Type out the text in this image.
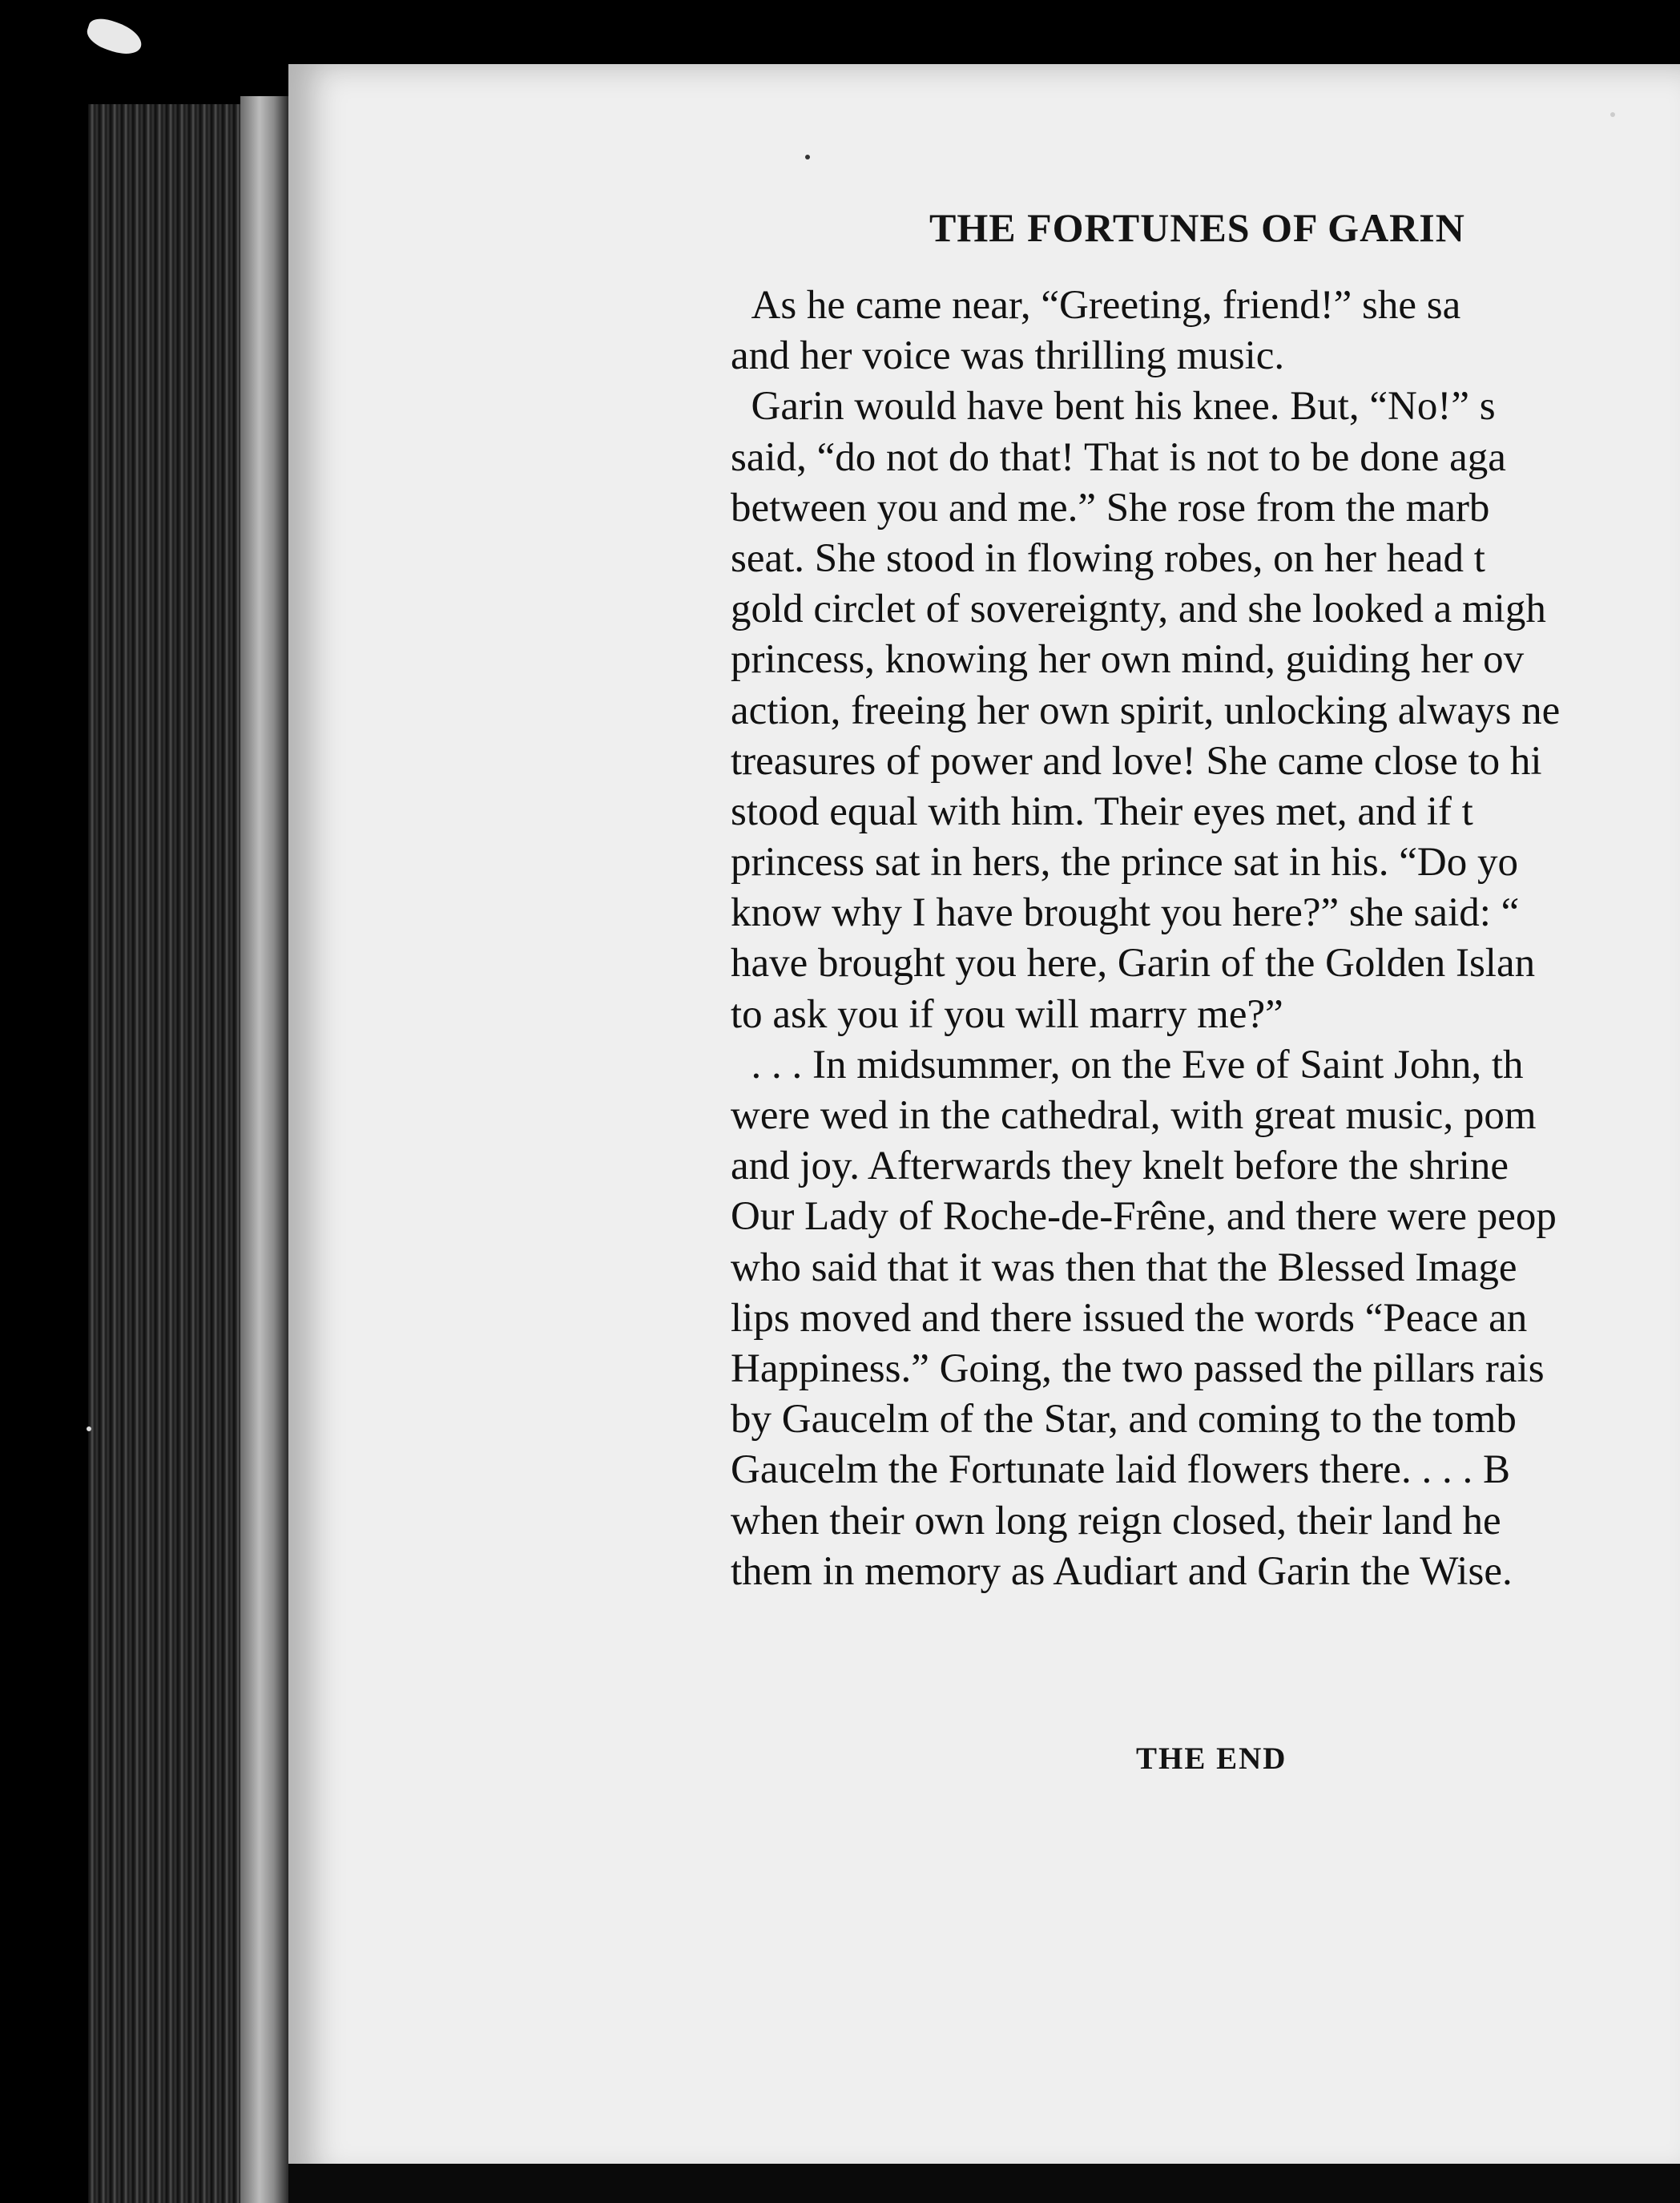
THE FORTUNES OF GARIN
As he came near, “Greeting, friend!” she sa
and her voice was thrilling music.
Garin would have bent his knee. But, “No!” s
said, “do not do that! That is not to be done aga
between you and me.” She rose from the marb
seat. She stood in flowing robes, on her head t
gold circlet of sovereignty, and she looked a migh
princess, knowing her own mind, guiding her ov
action, freeing her own spirit, unlocking always ne
treasures of power and love! She came close to hi
stood equal with him. Their eyes met, and if t
princess sat in hers, the prince sat in his. “Do yo
know why I have brought you here?” she said: “
have brought you here, Garin of the Golden Islan
to ask you if you will marry me?”
. . . In midsummer, on the Eve of Saint John, th
were wed in the cathedral, with great music, pom
and joy. Afterwards they knelt before the shrine
Our Lady of Roche-de-Frêne, and there were peop
who said that it was then that the Blessed Image
lips moved and there issued the words “Peace an
Happiness.” Going, the two passed the pillars rais
by Gaucelm of the Star, and coming to the tomb
Gaucelm the Fortunate laid flowers there. . . . B
when their own long reign closed, their land he
them in memory as Audiart and Garin the Wise.

THE END
